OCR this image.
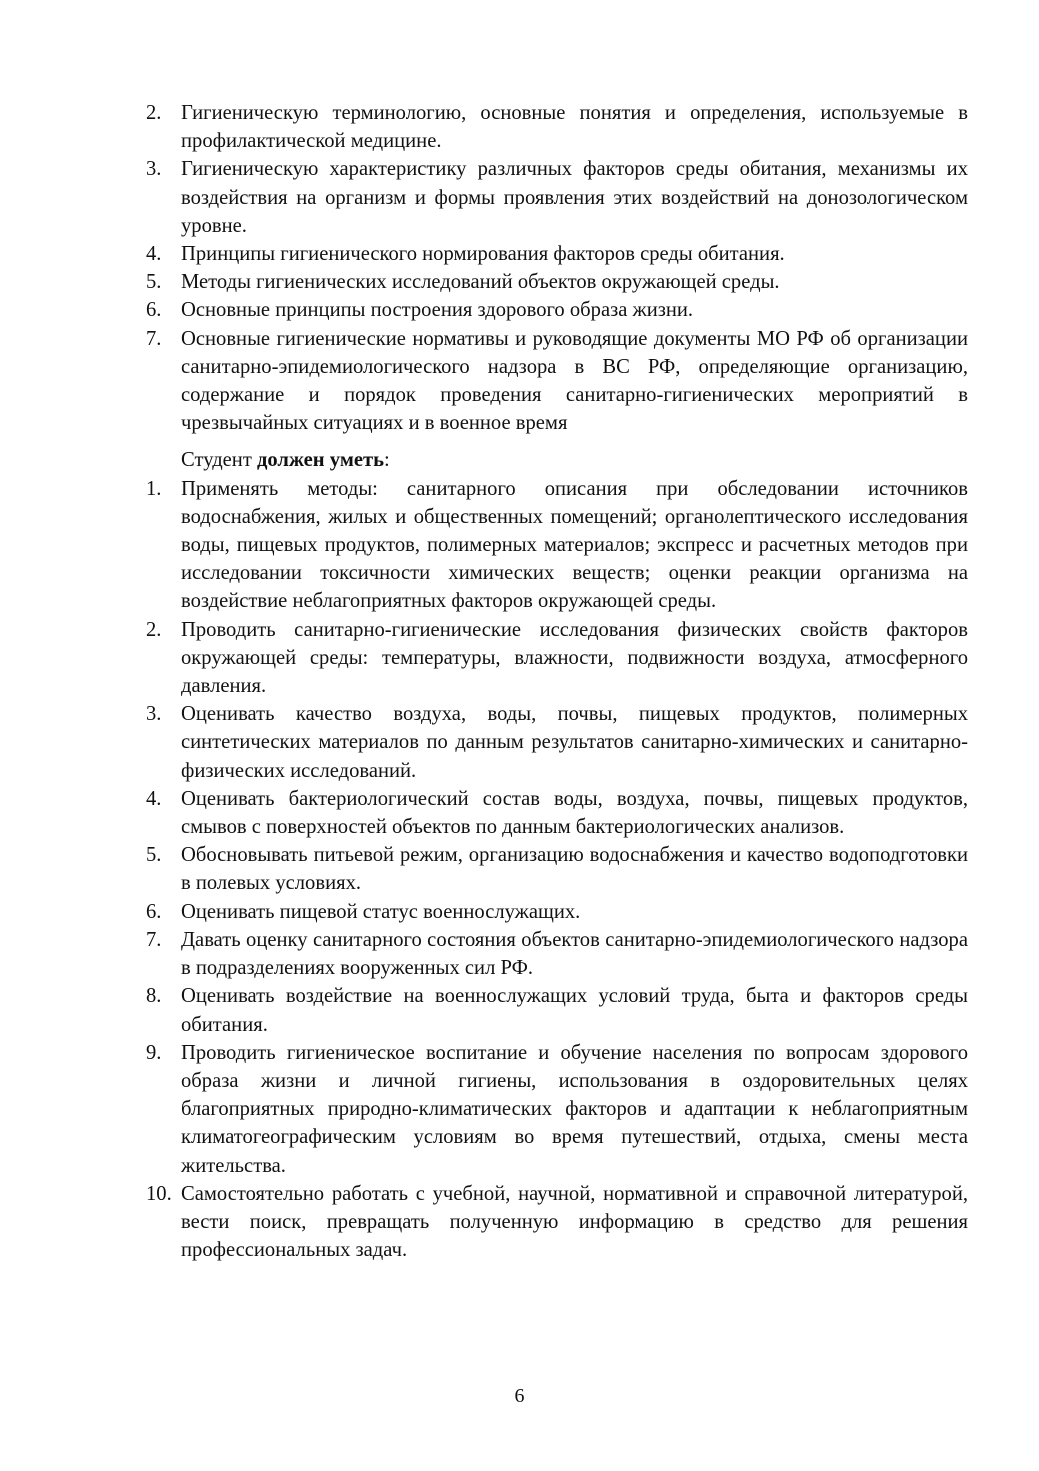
2. Гигиеническую терминологию, основные понятия и определения, используемые в профилактической медицине.
3. Гигиеническую характеристику различных факторов среды обитания, механизмы их воздействия на организм и формы проявления этих воздействий на донозологическом уровне.
4. Принципы гигиенического нормирования факторов среды обитания.
5. Методы гигиенических исследований объектов окружающей среды.
6. Основные принципы построения здорового образа жизни.
7. Основные гигиенические нормативы и руководящие документы МО РФ об организации санитарно-эпидемиологического надзора в ВС РФ, определяющие организацию, содержание и порядок проведения санитарно-гигиенических мероприятий в чрезвычайных ситуациях и в военное время

Студент должен уметь:

1. Применять методы: санитарного описания при обследовании источников водоснабжения, жилых и общественных помещений; органолептического исследования воды, пищевых продуктов, полимерных материалов; экспресс и расчетных методов при исследовании токсичности химических веществ; оценки реакции организма на воздействие неблагоприятных факторов окружающей среды.
2. Проводить санитарно-гигиенические исследования физических свойств факторов окружающей среды: температуры, влажности, подвижности воздуха, атмосферного давления.
3. Оценивать качество воздуха, воды, почвы, пищевых продуктов, полимерных синтетических материалов по данным результатов санитарно-химических и санитарно-физических исследований.
4. Оценивать бактериологический состав воды, воздуха, почвы, пищевых продуктов, смывов с поверхностей объектов по данным бактериологических анализов.
5. Обосновывать питьевой режим, организацию водоснабжения и качество водоподготовки в полевых условиях.
6. Оценивать пищевой статус военнослужащих.
7. Давать оценку санитарного состояния объектов санитарно-эпидемиологического надзора в подразделениях вооруженных сил РФ.
8. Оценивать воздействие на военнослужащих условий труда, быта и факторов среды обитания.
9. Проводить гигиеническое воспитание и обучение населения по вопросам здорового образа жизни и личной гигиены, использования в оздоровительных целях благоприятных природно-климатических факторов и адаптации к неблагоприятным климатогеографическим условиям во время путешествий, отдыха, смены места жительства.
10. Самостоятельно работать с учебной, научной, нормативной и справочной литературой, вести поиск, превращать полученную информацию в средство для решения профессиональных задач.
6
